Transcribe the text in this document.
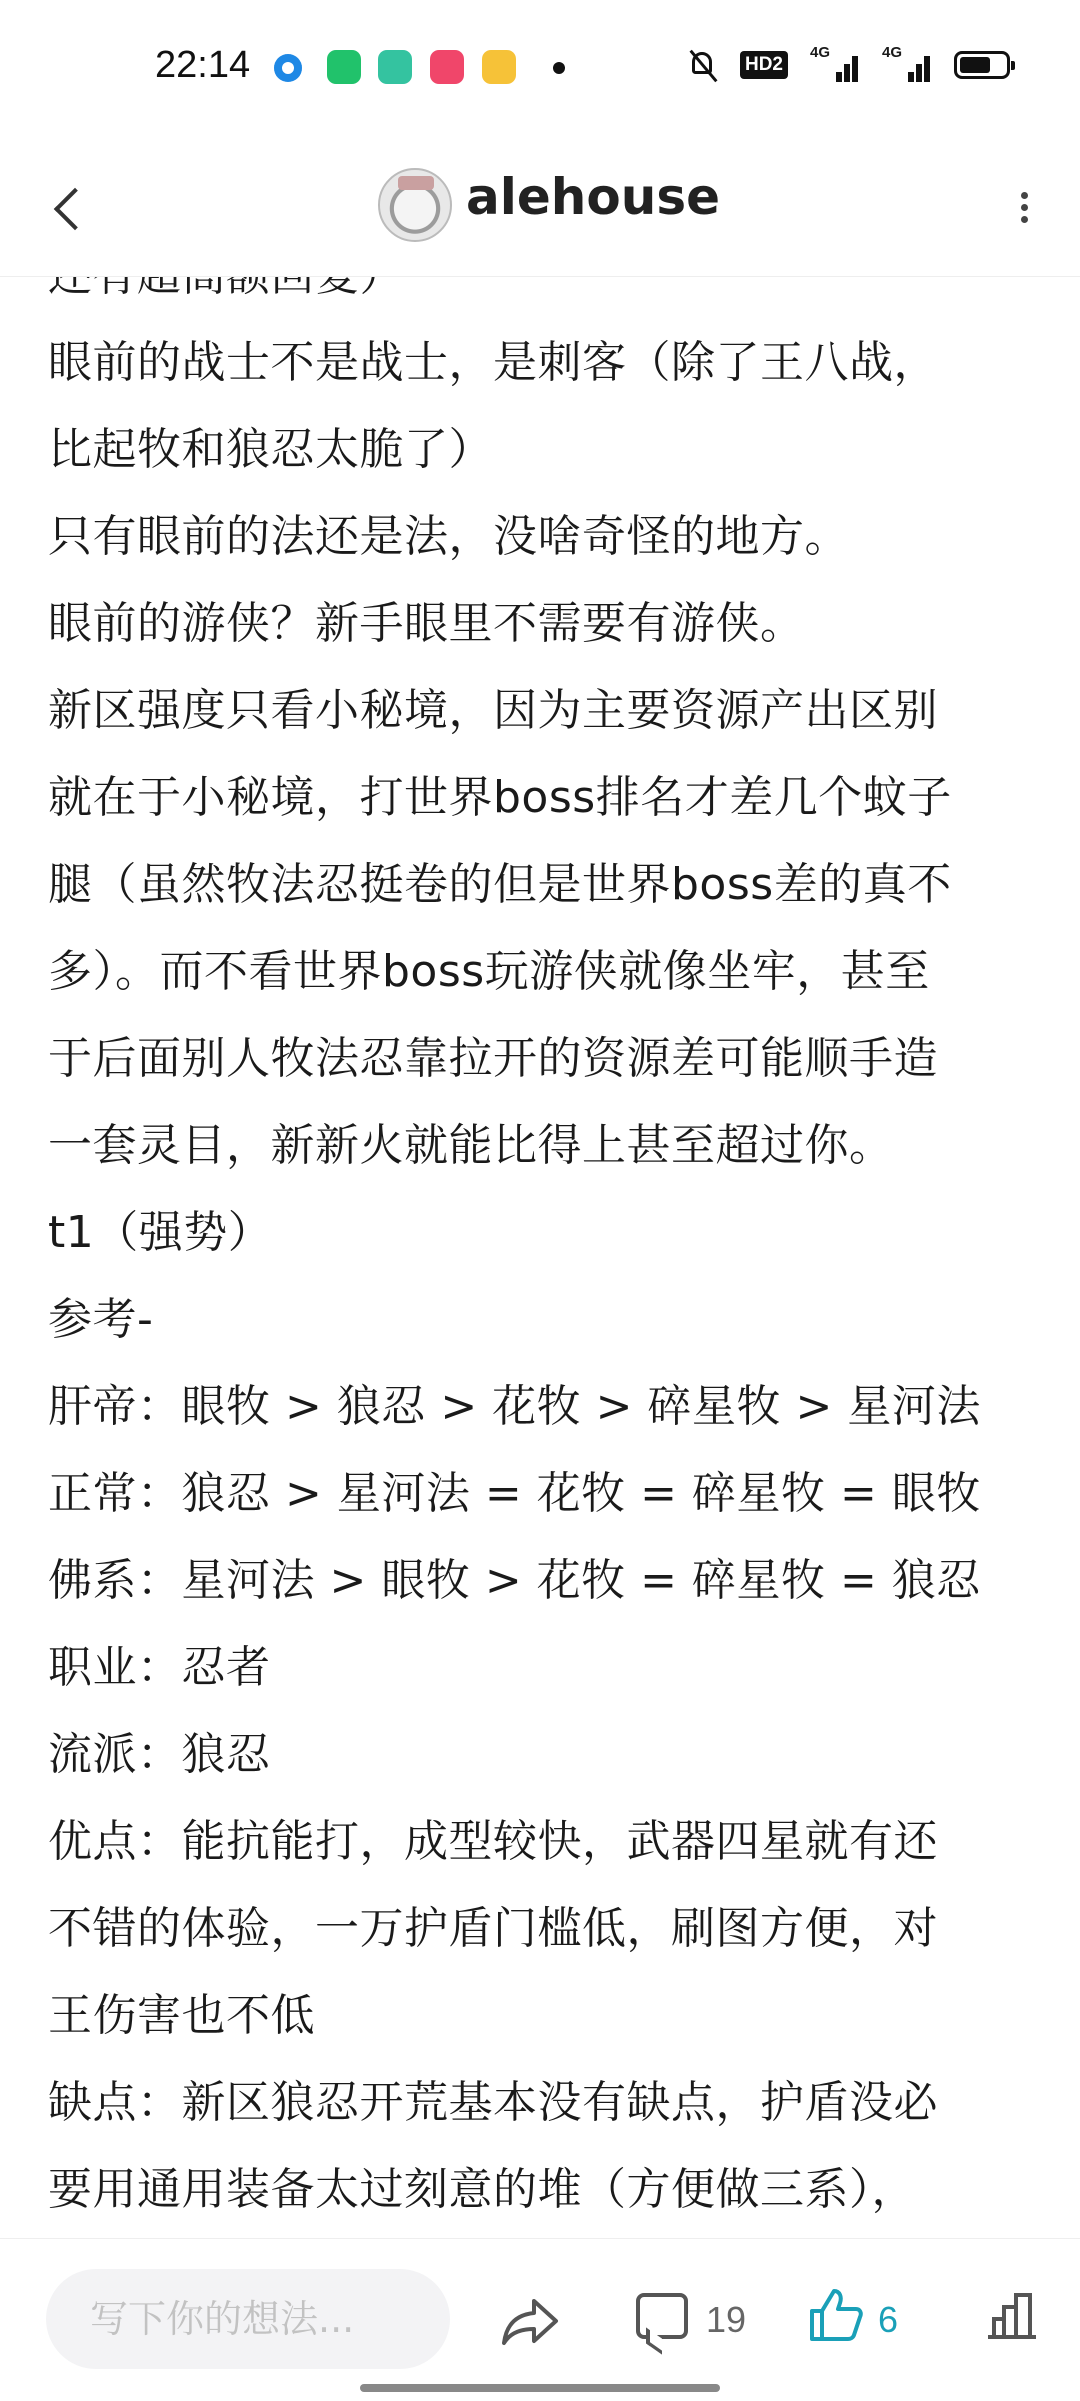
22:14	HD2
4G	4G
alehouse
眼前的战士不是战士，是刺客（除了王八战，
比起牧和狼忍太脆了）
只有眼前的法还是法，没啥奇怪的地方。
眼前的游侠？新手眼里不需要有游侠。
新区强度只看小秘境，因为主要资源产出区别
就在于小秘境，打世界boss排名才差几个蚊子
腿（虽然牧法忍挺卷的但是世界boss差的真不
多）。而不看世界boss玩游侠就像坐牢，甚至
于后面别人牧法忍靠拉开的资源差可能顺手造
一套灵目，新新火就能比得上甚至超过你。
t1（强势）
参考-
肝帝：眼牧 > 狼忍 > 花牧 > 碎星牧 > 星河法
正常：狼忍 > 星河法 = 花牧 = 碎星牧 = 眼牧
佛系：星河法 > 眼牧 > 花牧 = 碎星牧 = 狼忍
职业：忍者
流派：狼忍
优点：能抗能打，成型较快，武器四星就有还
不错的体验，一万护盾门槛低，刷图方便，对
王伤害也不低
缺点：新区狼忍开荒基本没有缺点，护盾没必
要用通用装备太过刻意的堆（方便做三系），
写下你的想法...
19	6
